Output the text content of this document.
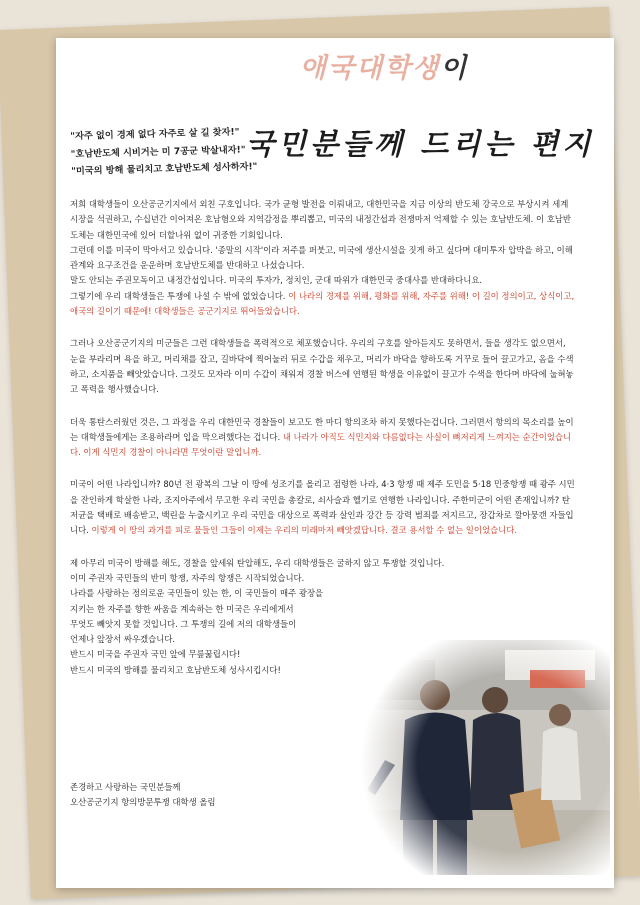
애국대학생이
국민분들께 드리는 편지
"자주 없이 경제 없다 자주로 살 길 찾자!"
"호남반도체 시비거는 미 7공군 박살내자!"
"미국의 방해 물리치고 호남반도체 성사하자!"

저희 대학생들이 오산공군기지에서 외친 구호입니다. 국가 균형 발전을 이뤄내고, 대한민국을 지금 이상의 반도체 강국으로 부상시켜 세계 시장을 석권하고, 수십년간 이어져온 호남혐오와 지역감정을 뿌리뽑고, 미국의 내정간섭과 전쟁마저 억제할 수 있는 호남반도체. 이 호남반도체는 대한민국에 있어 더할나위 없이 귀중한 기회입니다.
그런데 이를 미국이 막아서고 있습니다. '종말의 시작'이라 저주를 퍼붓고, 미국에 생산시설을 짓게 하고 싶다며 대미투자 압박을 하고, 이해관계와 요구조건을 운운하며 호남반도체를 반대하고 나섰습니다.
말도 안되는 주권모독이고 내정간섭입니다. 미국의 투자가, 정치인, 군대 따위가 대한민국 중대사를 반대하다니요.
그렇기에 우리 대학생들은 투쟁에 나설 수 밖에 없었습니다. 이 나라의 경제를 위해, 평화를 위해, 자주를 위해! 이 길이 정의이고, 상식이고, 애국의 길이기 때문에! 대학생들은 공군기지로 뛰어들었습니다.

그러나 오산공군기지의 미군들은 그런 대학생들을 폭력적으로 체포했습니다. 우리의 구호를 알아듣지도 못하면서, 들을 생각도 없으면서, 눈을 부라리며 욕을 하고, 머리채를 잡고, 길바닥에 찍어눌러 뒤로 수갑을 채우고, 머리가 바닥을 향하도록 거꾸로 들어 끌고가고, 옴을 수색하고, 소지품을 빼앗았습니다. 그것도 모자라 이미 수갑이 채워져 경찰 버스에 연행된 학생을 이유없이 끌고가 수색을 한다며 바닥에 눕혀놓고 폭력을 행사했습니다.

더욱 통탄스러웠던 것은, 그 과정을 우리 대한민국 경찰들이 보고도 한 마디 항의조차 하지 못했다는겁니다. 그러면서 항의의 목소리를 높이는 대학생들에게는 조용하라며 입을 막으려했다는 겁니다. 내 나라가 아직도 식민지와 다름없다는 사실이 뼈저리게 느껴지는 순간이었습니다. 이게 식민지 경찰이 아니라면 무엇이란 말입니까.

미국이 어떤 나라입니까? 80년 전 광복의 그날 이 땅에 성조기를 올리고 점령한 나라, 4·3 항쟁 때 제주 도민을 5·18 민중항쟁 때 광주 시민을 잔인하게 학살한 나라, 조지아주에서 무고한 우리 국민을 총칼로, 쇠사슬과 헬기로 연행한 나라입니다. 주한미군이 어떤 존재입니까? 탄저균을 택배로 배송받고, 백린을 누출시키고 우리 국민을 대상으로 폭력과 살인과 강간 등 강력 범죄를 저지르고, 장갑차로 깔아뭉갠 자들입니다. 이렇게 이 땅의 과거를 피로 물들인 그들이 이제는 우리의 미래마저 빼앗겠답니다. 결코 용서할 수 없는 일이었습니다.

제 아무리 미국이 방해를 해도, 경찰을 앞세워 탄압해도, 우리 대학생들은 굴하지 않고 투쟁할 것입니다.
이미 주권자 국민들의 반미 항쟁, 자주의 항쟁은 시작되었습니다.
나라를 사랑하는 정의로운 국민들이 있는 한, 이 국민들이 매주 광장을
지키는 한 자주를 향한 싸움을 계속하는 한 미국은 우리에게서
무엇도 빼앗지 못할 것입니다. 그 투쟁의 길에 저의 대학생들이
언제나 앞장서 싸우겠습니다.
반드시 미국을 주권자 국민 앞에 무릎꿇립시다!
반드시 미국의 방해를 물리치고 호남반도체 성사시킵시다!

존경하고 사랑하는 국민분들께
오산공군기지 항의방문투쟁 대학생 올림
